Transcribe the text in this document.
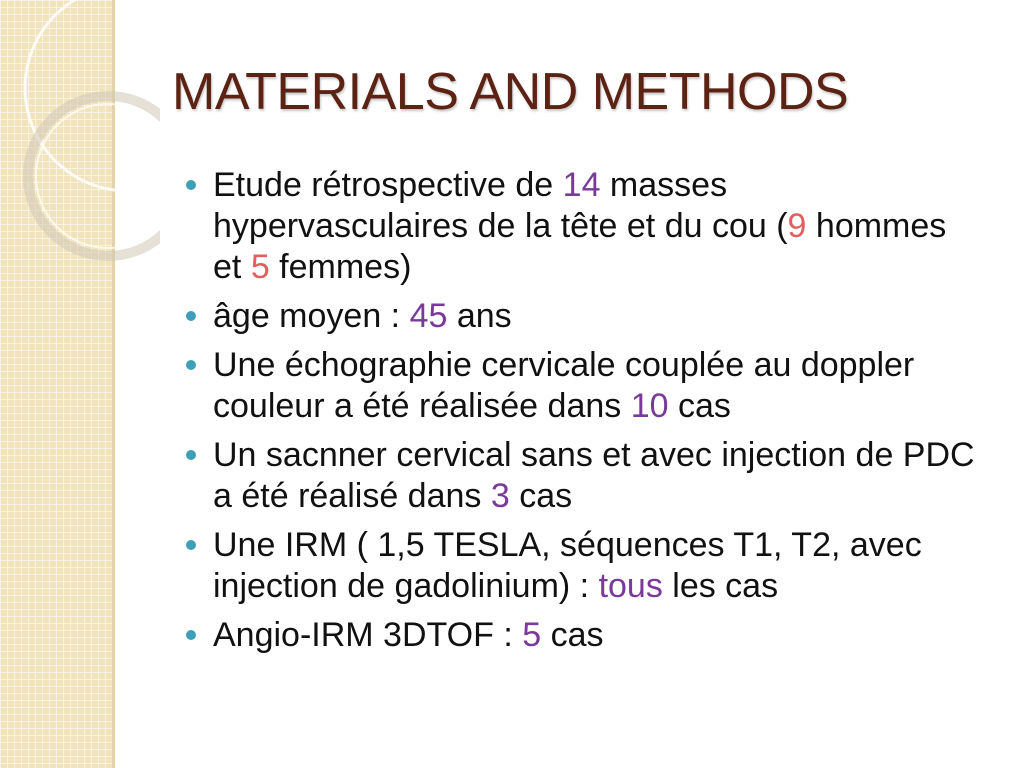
MATERIALS AND METHODS
Etude rétrospective de 14 masses hypervasculaires de la tête et du cou (9 hommes et 5 femmes)
âge moyen : 45 ans
Une échographie cervicale couplée au doppler couleur a été réalisée dans 10 cas
Un sacnner cervical sans et avec injection de PDC a été réalisé dans 3 cas
Une IRM ( 1,5 TESLA, séquences T1, T2, avec injection de gadolinium) : tous les cas
Angio-IRM 3DTOF : 5 cas
